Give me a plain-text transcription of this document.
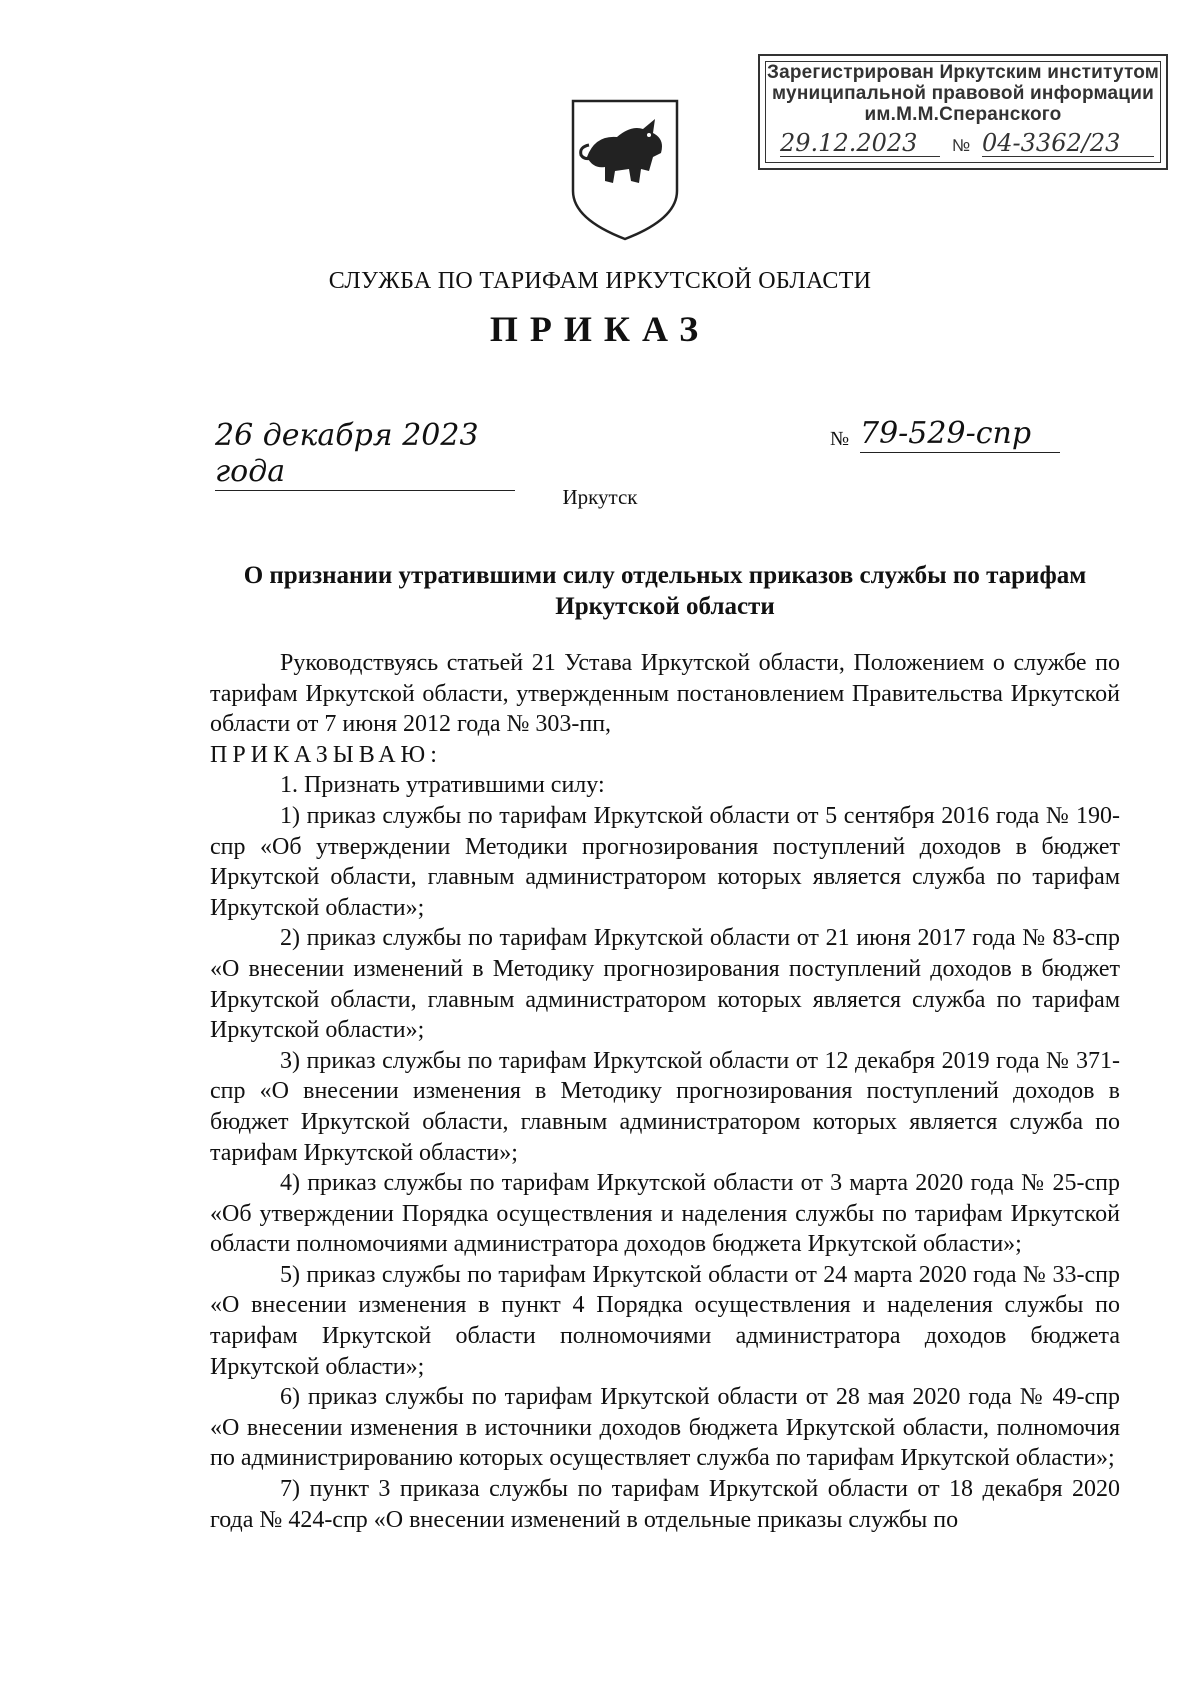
Зарегистрирован Иркутским институтом
муниципальной правовой информации
им.М.М.Сперанского
29.12.2023	№ 04-3362/23
СЛУЖБА ПО ТАРИФАМ ИРКУТСКОЙ ОБЛАСТИ
ПРИКАЗ
26 декабря 2023 года
№ 79-529-спр
Иркутск
О признании утратившими силу отдельных приказов службы по тарифам Иркутской области

Руководствуясь статьей 21 Устава Иркутской области, Положением о службе по тарифам Иркутской области, утвержденным постановлением Правительства Иркутской области от 7 июня 2012 года № 303-пп,

ПРИКАЗЫВАЮ:

1. Признать утратившими силу:

1) приказ службы по тарифам Иркутской области от 5 сентября 2016 года № 190-спр «Об утверждении Методики прогнозирования поступлений доходов в бюджет Иркутской области, главным администратором которых является служба по тарифам Иркутской области»;

2) приказ службы по тарифам Иркутской области от 21 июня 2017 года № 83-спр «О внесении изменений в Методику прогнозирования поступлений доходов в бюджет Иркутской области, главным администратором которых является служба по тарифам Иркутской области»;

3) приказ службы по тарифам Иркутской области от 12 декабря 2019 года № 371-спр «О внесении изменения в Методику прогнозирования поступлений доходов в бюджет Иркутской области, главным администратором которых является служба по тарифам Иркутской области»;

4) приказ службы по тарифам Иркутской области от 3 марта 2020 года № 25-спр «Об утверждении Порядка осуществления и наделения службы по тарифам Иркутской области полномочиями администратора доходов бюджета Иркутской области»;

5) приказ службы по тарифам Иркутской области от 24 марта 2020 года № 33-спр «О внесении изменения в пункт 4 Порядка осуществления и наделения службы по тарифам Иркутской области полномочиями администратора доходов бюджета Иркутской области»;

6) приказ службы по тарифам Иркутской области от 28 мая 2020 года № 49-спр «О внесении изменения в источники доходов бюджета Иркутской области, полномочия по администрированию которых осуществляет служба по тарифам Иркутской области»;

7) пункт 3 приказа службы по тарифам Иркутской области от 18 декабря 2020 года № 424-спр «О внесении изменений в отдельные приказы службы по
